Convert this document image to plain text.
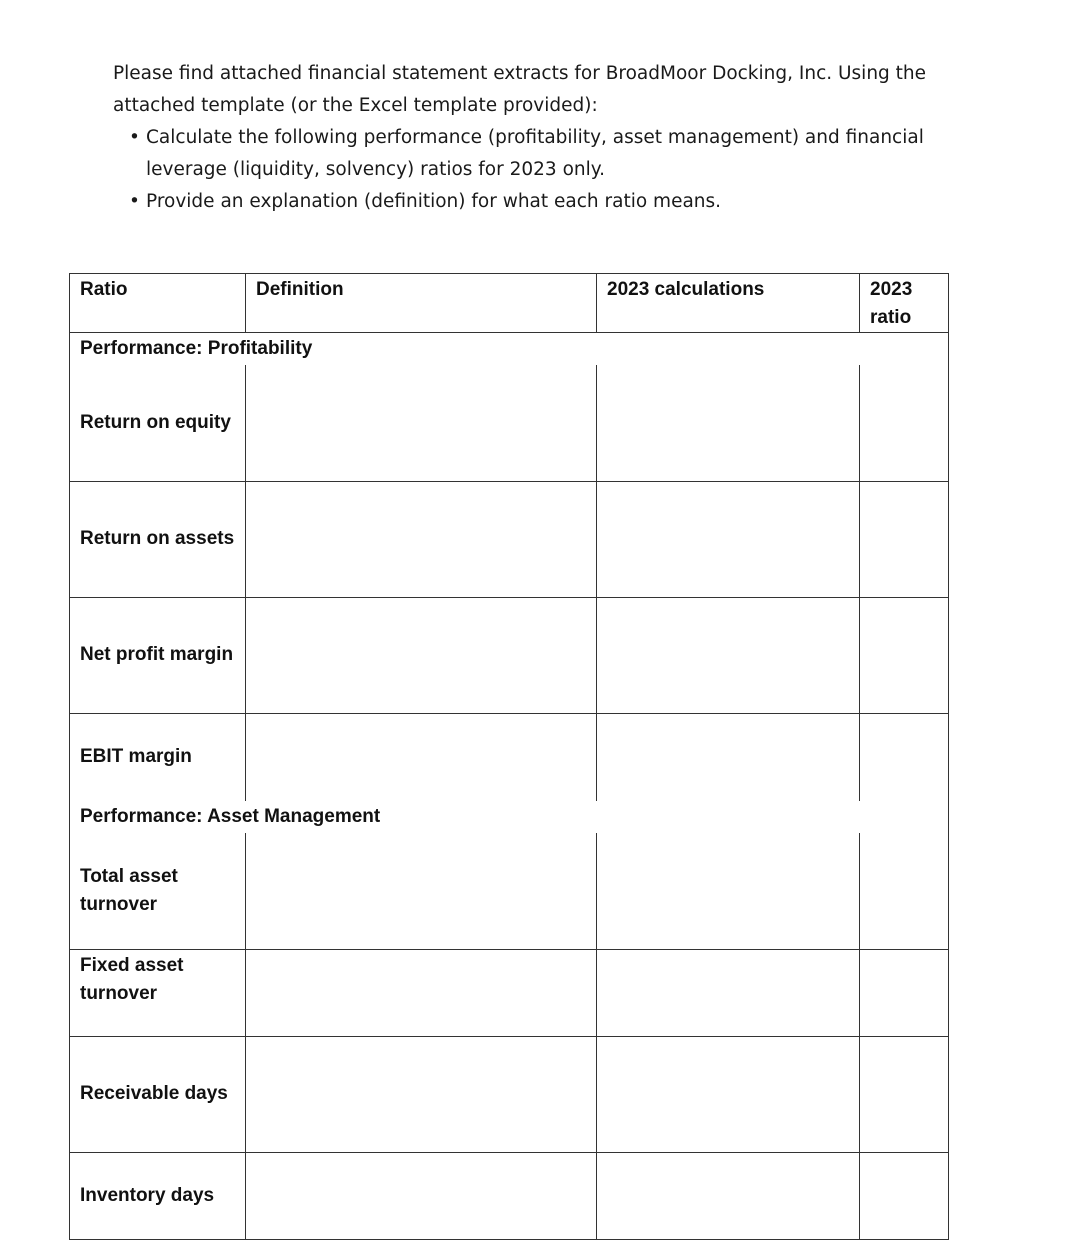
Please find attached financial statement extracts for BroadMoor Docking, Inc. Using the attached template (or the Excel template provided):

• Calculate the following performance (profitability, asset management) and financial leverage (liquidity, solvency) ratios for 2023 only.
• Provide an explanation (definition) for what each ratio means.
Ratio	Definition	2023 calculations	2023 ratio
Performance: Profitability			
Return on equity			
Return on assets			
Net profit margin			
EBIT margin			
Performance: Asset Management			
Total asset turnover			
Fixed asset turnover			
Receivable days			
Inventory days			
